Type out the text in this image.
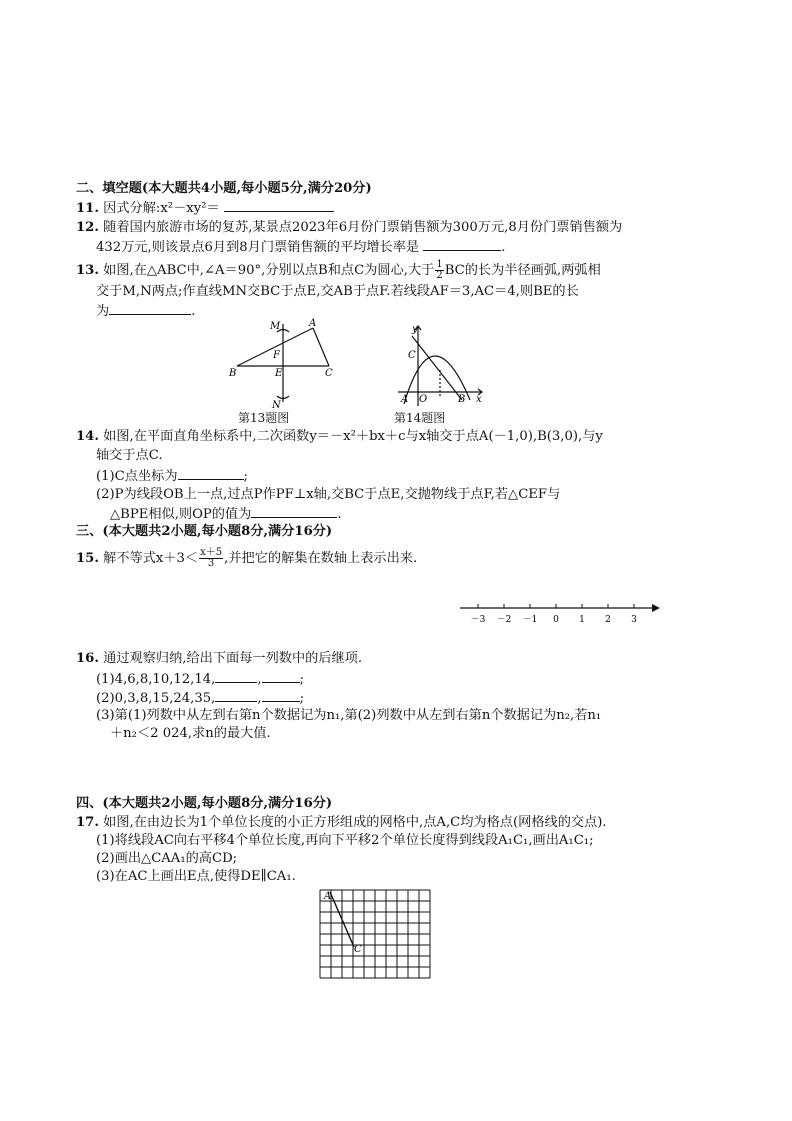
二、填空题(本大题共4小题,每小题5分,满分20分)
11. 因式分解:x²－xy²＝
12. 随着国内旅游市场的复苏,某景点2023年6月份门票销售额为300万元,8月份门票销售额为
432万元,则该景点6月到8月门票销售额的平均增长率是	.
13. 如图,在△ABC中,∠A＝90°,分别以点B和点C为圆心,大于 $\frac{1}{2}$ BC的长为半径画弧,两弧相
交于M,N两点;作直线MN交BC于点E,交AB于点F.若线段AF＝3,AC＝4,则BE的长
为	.
M	A
F
B	E	C
N
第13题图
y
C
A O	B x
第14题图
14. 如图,在平面直角坐标系中,二次函数y＝－x²＋bx＋c与x轴交于点A(－1,0),B(3,0),与y
轴交于点C.
(1)C点坐标为	;
(2)P为线段OB上一点,过点P作PF⊥x轴,交BC于点E,交抛物线于点F,若△CEF与
△BPE相似,则OP的值为	.
三、(本大题共2小题,每小题8分,满分16分)
15. 解不等式$x+3< \frac{x+5}{3}$ ,并把它的解集在数轴上表示出来.
－3 －2 －1 0 1 2 3
16. 通过观察归纳,给出下面每一列数中的后继项.
(1)4,6,8,10,12,14,	,	;
(2)0,3,8,15,24,35,	,	;
(3)第(1)列数中从左到右第n个数据记为n₁,第(2)列数中从左到右第n个数据记为n₂,若n₁
＋n₂＜2 024,求n的最大值.
四、(本大题共2小题,每小题8分,满分16分)
17. 如图,在由边长为1个单位长度的小正方形组成的网格中,点A,C均为格点(网格线的交点).
(1)将线段AC向右平移4个单位长度,再向下平移2个单位长度得到线段A₁C₁,画出A₁C₁;
(2)画出△CAA₁的高CD;
(3)在AC上画出E点,使得DE∥CA₁.
A
C
